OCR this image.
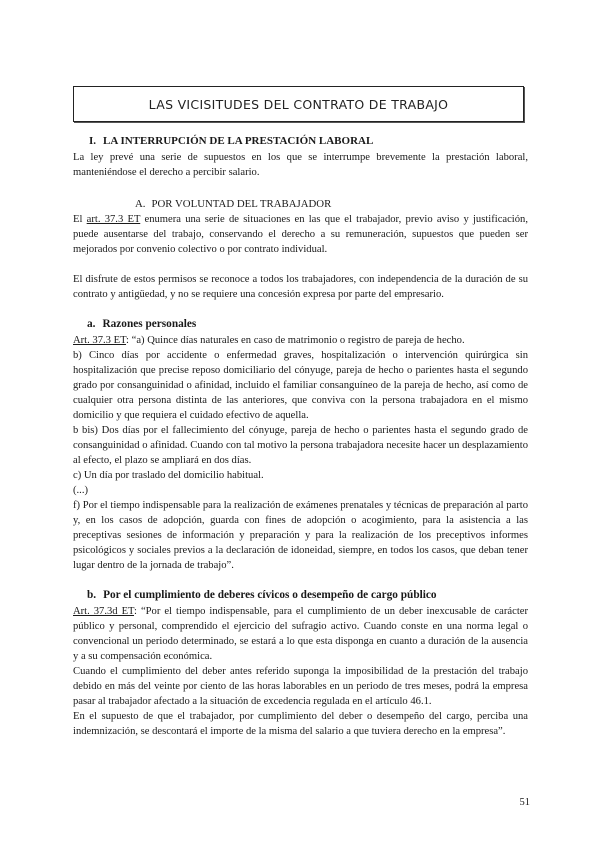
LAS VICISITUDES DEL CONTRATO DE TRABAJO

I. LA INTERRUPCIÓN DE LA PRESTACIÓN LABORAL

La ley prevé una serie de supuestos en los que se interrumpe brevemente la prestación laboral, manteniéndose el derecho a percibir salario.

A. POR VOLUNTAD DEL TRABAJADOR

El art. 37.3 ET enumera una serie de situaciones en las que el trabajador, previo aviso y justificación, puede ausentarse del trabajo, conservando el derecho a su remuneración, supuestos que pueden ser mejorados por convenio colectivo o por contrato individual.

El disfrute de estos permisos se reconoce a todos los trabajadores, con independencia de la duración de su contrato y antigüedad, y no se requiere una concesión expresa por parte del empresario.

a. Razones personales

Art. 37.3 ET: “a) Quince días naturales en caso de matrimonio o registro de pareja de hecho.

b) Cinco días por accidente o enfermedad graves, hospitalización o intervención quirúrgica sin hospitalización que precise reposo domiciliario del cónyuge, pareja de hecho o parientes hasta el segundo grado por consanguinidad o afinidad, incluido el familiar consanguíneo de la pareja de hecho, así como de cualquier otra persona distinta de las anteriores, que conviva con la persona trabajadora en el mismo domicilio y que requiera el cuidado efectivo de aquella.

b bis) Dos días por el fallecimiento del cónyuge, pareja de hecho o parientes hasta el segundo grado de consanguinidad o afinidad. Cuando con tal motivo la persona trabajadora necesite hacer un desplazamiento al efecto, el plazo se ampliará en dos días.

c) Un día por traslado del domicilio habitual.

(...)

f) Por el tiempo indispensable para la realización de exámenes prenatales y técnicas de preparación al parto y, en los casos de adopción, guarda con fines de adopción o acogimiento, para la asistencia a las preceptivas sesiones de información y preparación y para la realización de los preceptivos informes psicológicos y sociales previos a la declaración de idoneidad, siempre, en todos los casos, que deban tener lugar dentro de la jornada de trabajo”.

b. Por el cumplimiento de deberes cívicos o desempeño de cargo público

Art. 37.3d ET: “Por el tiempo indispensable, para el cumplimiento de un deber inexcusable de carácter público y personal, comprendido el ejercicio del sufragio activo. Cuando conste en una norma legal o convencional un periodo determinado, se estará a lo que esta disponga en cuanto a duración de la ausencia y a su compensación económica.

Cuando el cumplimiento del deber antes referido suponga la imposibilidad de la prestación del trabajo debido en más del veinte por ciento de las horas laborables en un periodo de tres meses, podrá la empresa pasar al trabajador afectado a la situación de excedencia regulada en el artículo 46.1.

En el supuesto de que el trabajador, por cumplimiento del deber o desempeño del cargo, perciba una indemnización, se descontará el importe de la misma del salario a que tuviera derecho en la empresa”.

51
